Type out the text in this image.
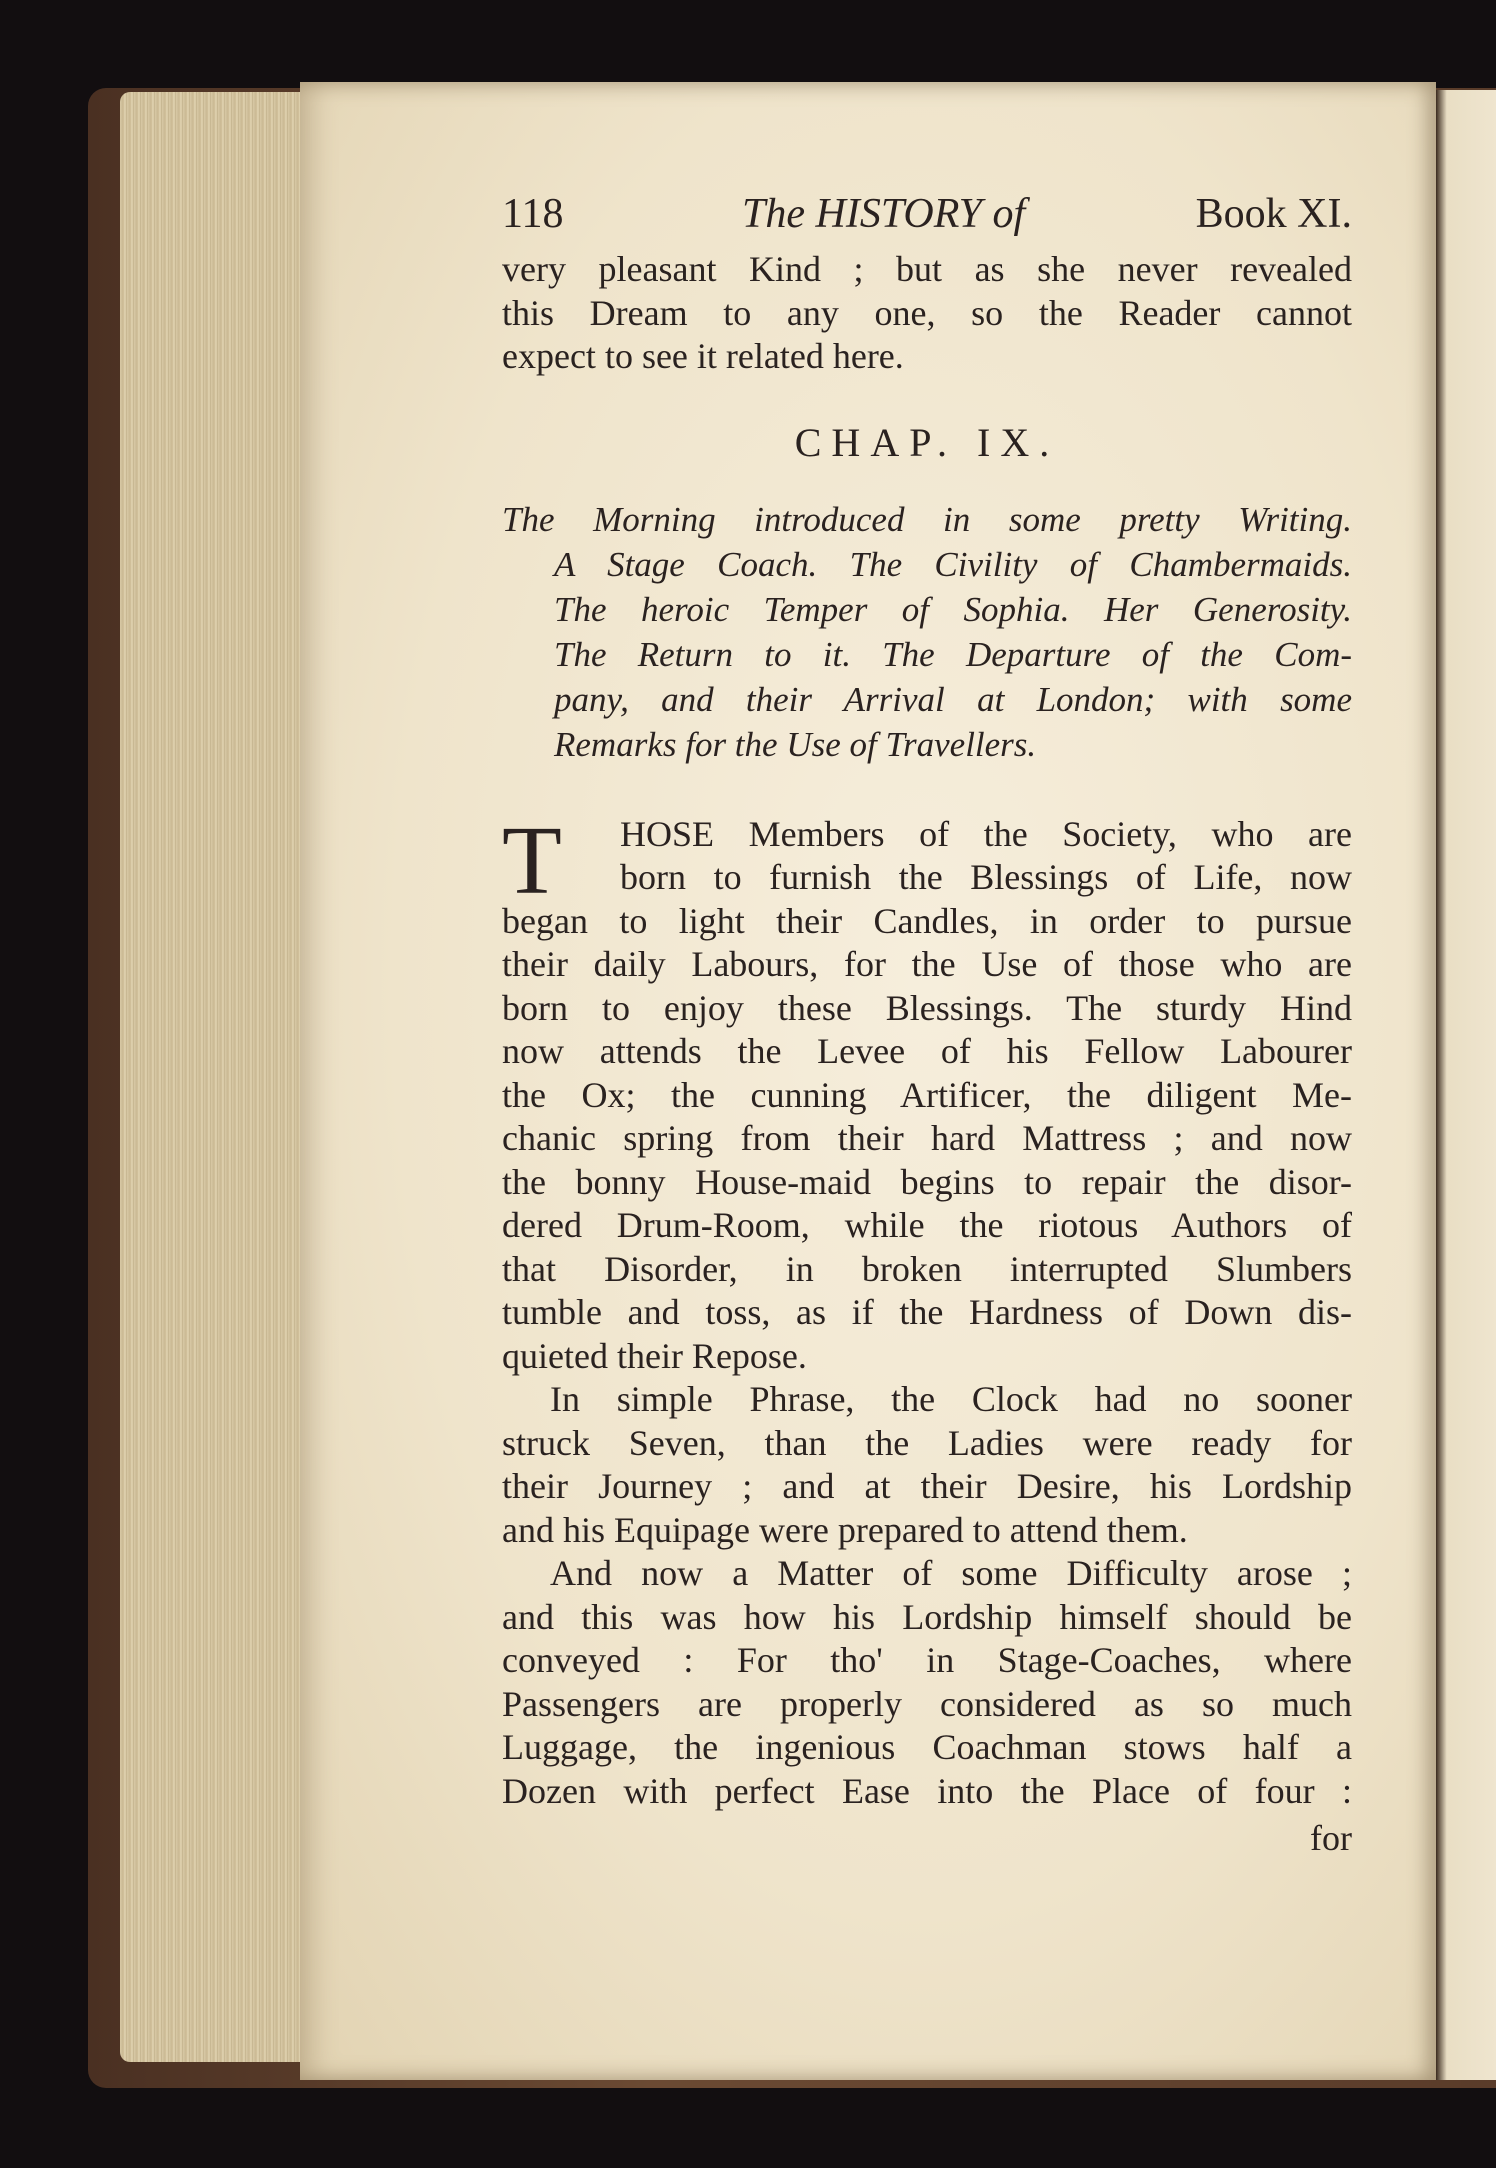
118	The HISTORY of	Book XI.
very pleasant Kind ; but as she never revealed
this Dream to any one, so the Reader cannot
expect to see it related here.
CHAP. IX.
The Morning introduced in some pretty Writing.
A Stage Coach. The Civility of Chambermaids.
The heroic Temper of Sophia. Her Generosity.
The Return to it. The Departure of the Com-
pany, and their Arrival at London; with some
Remarks for the Use of Travellers.
T	HOSE Members of the Society, who are
born to furnish the Blessings of Life, now
began to light their Candles, in order to pursue
their daily Labours, for the Use of those who are
born to enjoy these Blessings. The sturdy Hind
now attends the Levee of his Fellow Labourer
the Ox; the cunning Artificer, the diligent Me-
chanic spring from their hard Mattress ; and now
the bonny House-maid begins to repair the disor-
dered Drum-Room, while the riotous Authors of
that Disorder, in broken interrupted Slumbers
tumble and toss, as if the Hardness of Down dis-
quieted their Repose.
In simple Phrase, the Clock had no sooner
struck Seven, than the Ladies were ready for
their Journey ; and at their Desire, his Lordship
and his Equipage were prepared to attend them.
And now a Matter of some Difficulty arose ;
and this was how his Lordship himself should be
conveyed : For tho' in Stage-Coaches, where
Passengers are properly considered as so much
Luggage, the ingenious Coachman stows half a
Dozen with perfect Ease into the Place of four :
for
